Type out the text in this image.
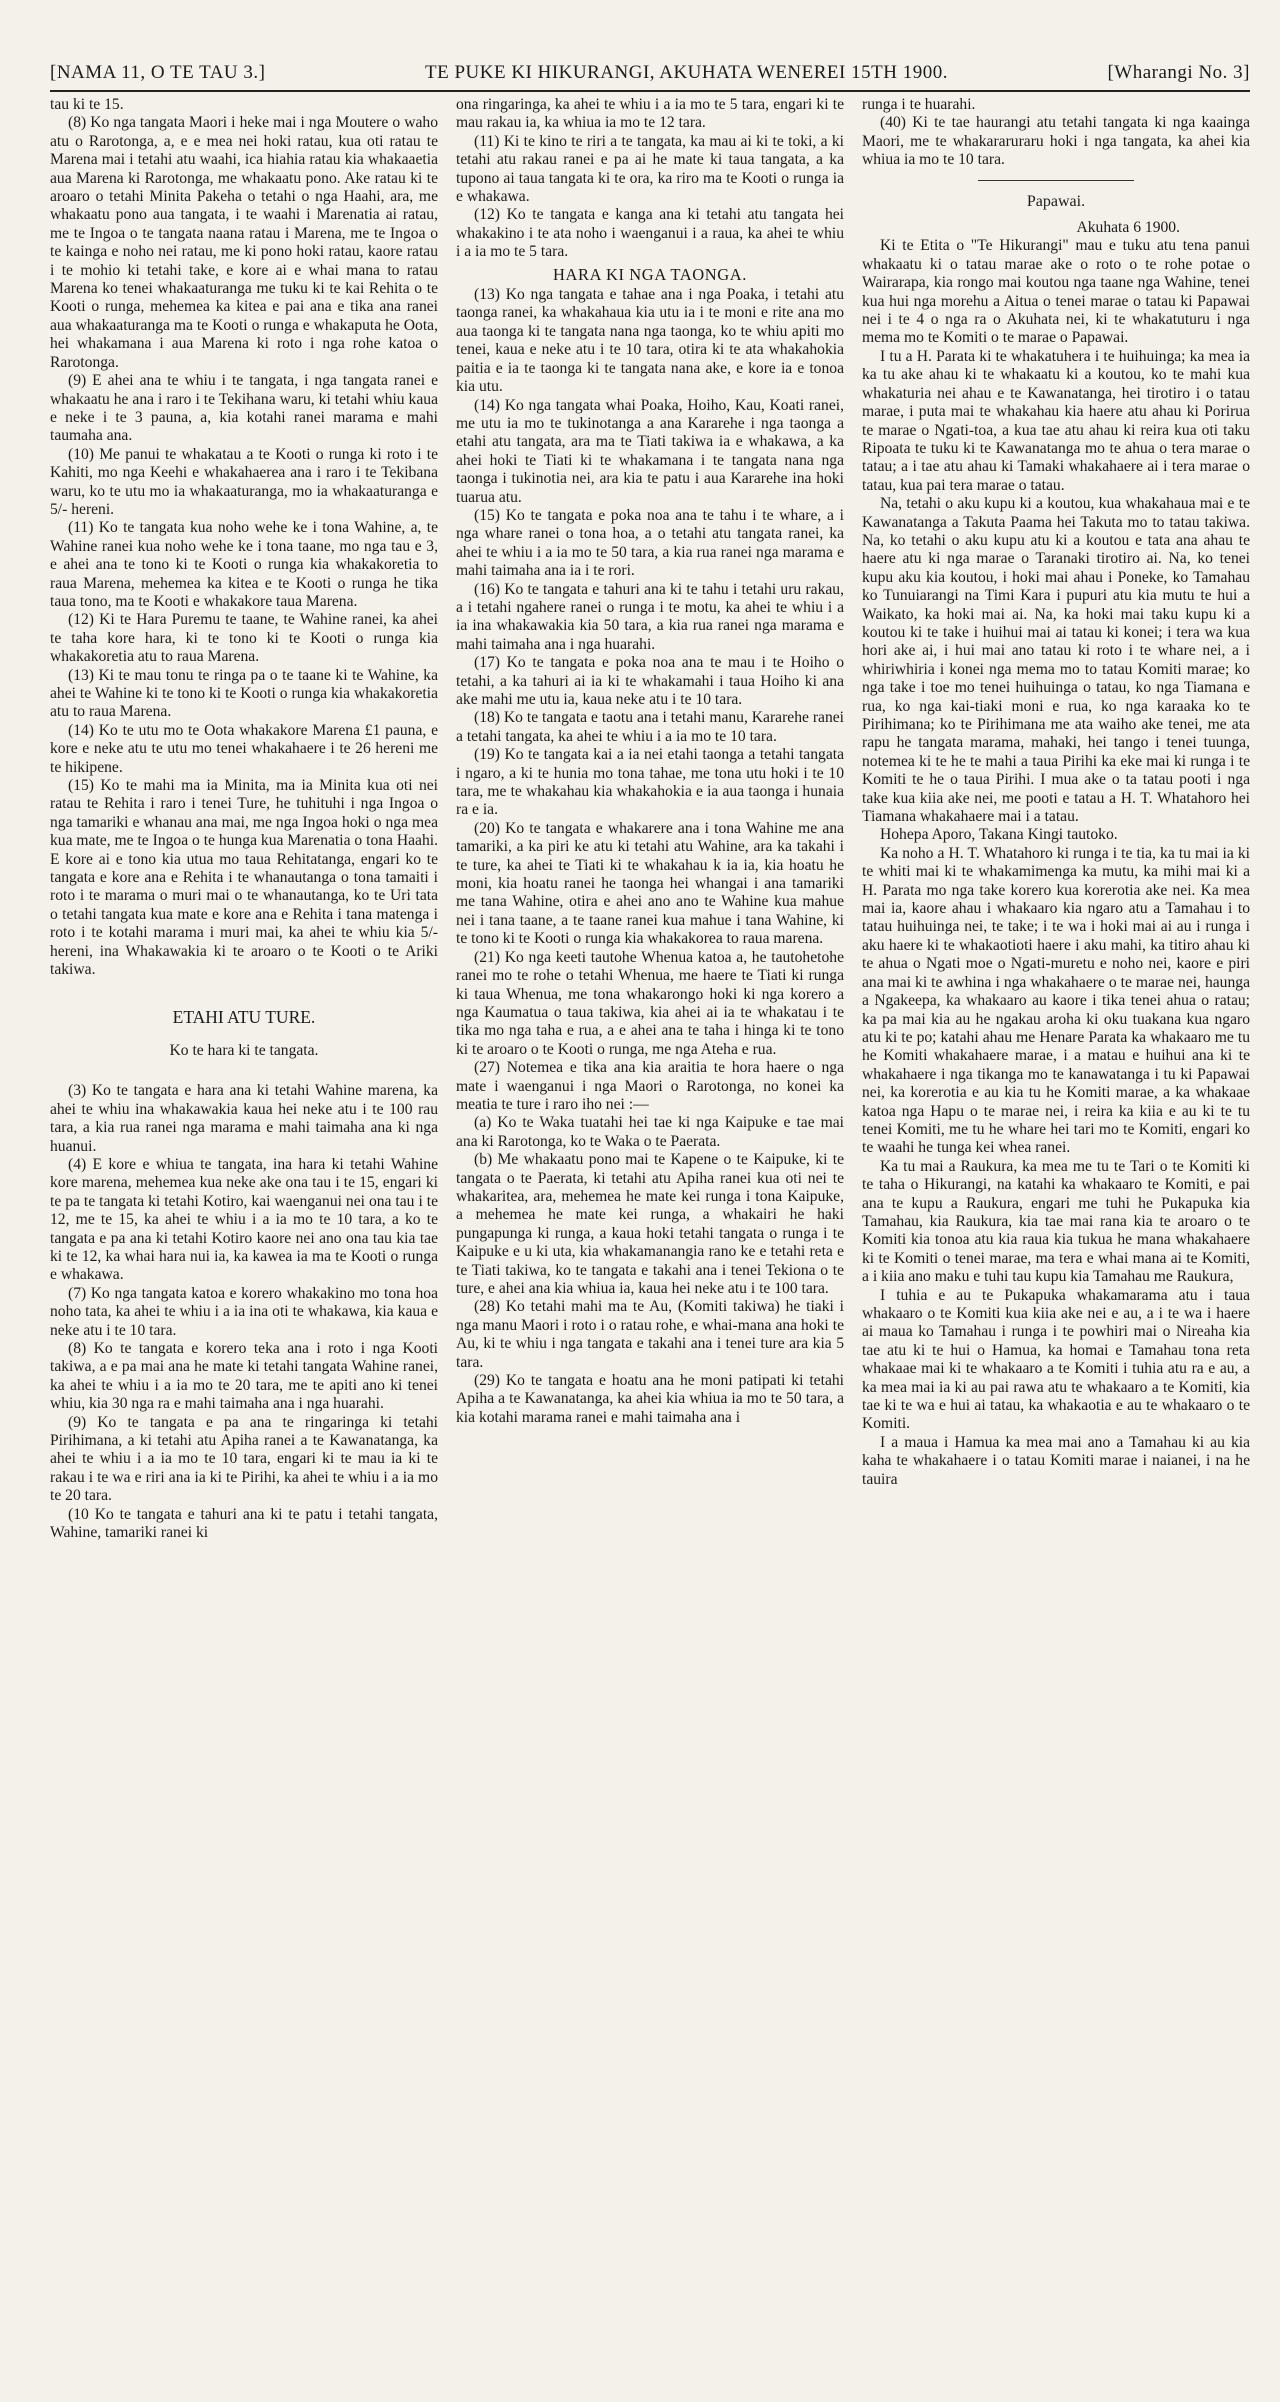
[NAMA 11, O TE TAU 3.]	TE PUKE KI HIKURANGI, AKUHATA WENEREI 15TH 1900.	[Wharangi No. 3]

tau ki te 15.

(8) Ko nga tangata Maori i heke mai i nga Moutere o waho atu o Rarotonga, a, e e mea nei hoki ratau, kua oti ratau te Marena mai i tetahi atu waahi, ica hiahia ratau kia whakaaetia aua Marena ki Rarotonga, me whakaatu pono. Ake ratau ki te aroaro o tetahi Minita Pakeha o tetahi o nga Haahi, ara, me whakaatu pono aua tangata, i te waahi i Marenatia ai ratau, me te Ingoa o te tangata naana ratau i Marena, me te Ingoa o te kainga e noho nei ratau, me ki pono hoki ratau, kaore ratau i te mohio ki tetahi take, e kore ai e whai mana to ratau Marena ko tenei whakaaturanga me tuku ki te kai Rehita o te Kooti o runga, mehemea ka kitea e pai ana e tika ana ranei aua whakaaturanga ma te Kooti o runga e whakaputa he Oota, hei whakamana i aua Marena ki roto i nga rohe katoa o Rarotonga.

(9) E ahei ana te whiu i te tangata, i nga tangata ranei e whakaatu he ana i raro i te Tekihana waru, ki tetahi whiu kaua e neke i te 3 pauna, a, kia kotahi ranei marama e mahi taumaha ana.

(10) Me panui te whakatau a te Kooti o runga ki roto i te Kahiti, mo nga Keehi e whakahaerea ana i raro i te Tekibana waru, ko te utu mo ia whakaaturanga, mo ia whakaaturanga e 5/- hereni.

(11) Ko te tangata kua noho wehe ke i tona Wahine, a, te Wahine ranei kua noho wehe ke i tona taane, mo nga tau e 3, e ahei ana te tono ki te Kooti o runga kia whakakoretia to raua Marena, mehemea ka kitea e te Kooti o runga he tika taua tono, ma te Kooti e whakakore taua Marena.

(12) Ki te Hara Puremu te taane, te Wahine ranei, ka ahei te taha kore hara, ki te tono ki te Kooti o runga kia whakakoretia atu to raua Marena.

(13) Ki te mau tonu te ringa pa o te taane ki te Wahine, ka ahei te Wahine ki te tono ki te Kooti o runga kia whakakoretia atu to raua Marena.

(14) Ko te utu mo te Oota whakakore Marena £1 pauna, e kore e neke atu te utu mo tenei whakahaere i te 26 hereni me te hikipene.

(15) Ko te mahi ma ia Minita, ma ia Minita kua oti nei ratau te Rehita i raro i tenei Ture, he tuhituhi i nga Ingoa o nga tamariki e whanau ana mai, me nga Ingoa hoki o nga mea kua mate, me te Ingoa o te hunga kua Marenatia o tona Haahi. E kore ai e tono kia utua mo taua Rehitatanga, engari ko te tangata e kore ana e Rehita i te whanautanga o tona tamaiti i roto i te marama o muri mai o te whanautanga, ko te Uri tata o tetahi tangata kua mate e kore ana e Rehita i tana matenga i roto i te kotahi marama i muri mai, ka ahei te whiu kia 5/- hereni, ina Whakawakia ki te aroaro o te Kooti o te Ariki takiwa.

ETAHI ATU TURE.

Ko te hara ki te tangata.

(3) Ko te tangata e hara ana ki tetahi Wahine marena, ka ahei te whiu ina whakawakia kaua hei neke atu i te 100 rau tara, a kia rua ranei nga marama e mahi taimaha ana ki nga huanui.

(4) E kore e whiua te tangata, ina hara ki tetahi Wahine kore marena, mehemea kua neke ake ona tau i te 15, engari ki te pa te tangata ki tetahi Kotiro, kai waenganui nei ona tau i te 12, me te 15, ka ahei te whiu i a ia mo te 10 tara, a ko te tangata e pa ana ki tetahi Kotiro kaore nei ano ona tau kia tae ki te 12, ka whai hara nui ia, ka kawea ia ma te Kooti o runga e whakawa.

(7) Ko nga tangata katoa e korero whakakino mo tona hoa noho tata, ka ahei te whiu i a ia ina oti te whakawa, kia kaua e neke atu i te 10 tara.

(8) Ko te tangata e korero teka ana i roto i nga Kooti takiwa, a e pa mai ana he mate ki tetahi tangata Wahine ranei, ka ahei te whiu i a ia mo te 20 tara, me te apiti ano ki tenei whiu, kia 30 nga ra e mahi taimaha ana i nga huarahi.

(9) Ko te tangata e pa ana te ringaringa ki tetahi Pirihimana, a ki tetahi atu Apiha ranei a te Kawanatanga, ka ahei te whiu i a ia mo te 10 tara, engari ki te mau ia ki te rakau i te wa e riri ana ia ki te Pirihi, ka ahei te whiu i a ia mo te 20 tara.

(10 Ko te tangata e tahuri ana ki te patu i tetahi tangata, Wahine, tamariki ranei ki

ona ringaringa, ka ahei te whiu i a ia mo te 5 tara, engari ki te mau rakau ia, ka whiua ia mo te 12 tara.

(11) Ki te kino te riri a te tangata, ka mau ai ki te toki, a ki tetahi atu rakau ranei e pa ai he mate ki taua tangata, a ka tupono ai taua tangata ki te ora, ka riro ma te Kooti o runga ia e whakawa.

(12) Ko te tangata e kanga ana ki tetahi atu tangata hei whakakino i te ata noho i waenganui i a raua, ka ahei te whiu i a ia mo te 5 tara.

HARA KI NGA TAONGA.

(13) Ko nga tangata e tahae ana i nga Poaka, i tetahi atu taonga ranei, ka whakahaua kia utu ia i te moni e rite ana mo aua taonga ki te tangata nana nga taonga, ko te whiu apiti mo tenei, kaua e neke atu i te 10 tara, otira ki te ata whakahokia paitia e ia te taonga ki te tangata nana ake, e kore ia e tonoa kia utu.

(14) Ko nga tangata whai Poaka, Hoiho, Kau, Koati ranei, me utu ia mo te tukinotanga a ana Kararehe i nga taonga a etahi atu tangata, ara ma te Tiati takiwa ia e whakawa, a ka ahei hoki te Tiati ki te whakamana i te tangata nana nga taonga i tukinotia nei, ara kia te patu i aua Kararehe ina hoki tuarua atu.

(15) Ko te tangata e poka noa ana te tahu i te whare, a i nga whare ranei o tona hoa, a o tetahi atu tangata ranei, ka ahei te whiu i a ia mo te 50 tara, a kia rua ranei nga marama e mahi taimaha ana ia i te rori.

(16) Ko te tangata e tahuri ana ki te tahu i tetahi uru rakau, a i tetahi ngahere ranei o runga i te motu, ka ahei te whiu i a ia ina whakawakia kia 50 tara, a kia rua ranei nga marama e mahi taimaha ana i nga huarahi.

(17) Ko te tangata e poka noa ana te mau i te Hoiho o tetahi, a ka tahuri ai ia ki te whakamahi i taua Hoiho ki ana ake mahi me utu ia, kaua neke atu i te 10 tara.

(18) Ko te tangata e taotu ana i tetahi manu, Kararehe ranei a tetahi tangata, ka ahei te whiu i a ia mo te 10 tara.

(19) Ko te tangata kai a ia nei etahi taonga a tetahi tangata i ngaro, a ki te hunia mo tona tahae, me tona utu hoki i te 10 tara, me te whakahau kia whakahokia e ia aua taonga i hunaia ra e ia.

(20) Ko te tangata e whakarere ana i tona Wahine me ana tamariki, a ka piri ke atu ki tetahi atu Wahine, ara ka takahi i te ture, ka ahei te Tiati ki te whakahau k ia ia, kia hoatu he moni, kia hoatu ranei he taonga hei whangai i ana tamariki me tana Wahine, otira e ahei ano ano te Wahine kua mahue nei i tana taane, a te taane ranei kua mahue i tana Wahine, ki te tono ki te Kooti o runga kia whakakorea to raua marena.

(21) Ko nga keeti tautohe Whenua katoa a, he tautohetohe ranei mo te rohe o tetahi Whenua, me haere te Tiati ki runga ki taua Whenua, me tona whakarongo hoki ki nga korero a nga Kaumatua o taua takiwa, kia ahei ai ia te whakatau i te tika mo nga taha e rua, a e ahei ana te taha i hinga ki te tono ki te aroaro o te Kooti o runga, me nga Ateha e rua.

(27) Notemea e tika ana kia araitia te hora haere o nga mate i waenganui i nga Maori o Rarotonga, no konei ka meatia te ture i raro iho nei :—

(a) Ko te Waka tuatahi hei tae ki nga Kaipuke e tae mai ana ki Rarotonga, ko te Waka o te Paerata.

(b) Me whakaatu pono mai te Kapene o te Kaipuke, ki te tangata o te Paerata, ki tetahi atu Apiha ranei kua oti nei te whakaritea, ara, mehemea he mate kei runga i tona Kaipuke, a mehemea he mate kei runga, a whakairi he haki pungapunga ki runga, a kaua hoki tetahi tangata o runga i te Kaipuke e u ki uta, kia whakamanangia rano ke e tetahi reta e te Tiati takiwa, ko te tangata e takahi ana i tenei Tekiona o te ture, e ahei ana kia whiua ia, kaua hei neke atu i te 100 tara.

(28) Ko tetahi mahi ma te Au, (Komiti takiwa) he tiaki i nga manu Maori i roto i o ratau rohe, e whai-mana ana hoki te Au, ki te whiu i nga tangata e takahi ana i tenei ture ara kia 5 tara.

(29) Ko te tangata e hoatu ana he moni patipati ki tetahi Apiha a te Kawanatanga, ka ahei kia whiua ia mo te 50 tara, a kia kotahi marama ranei e mahi taimaha ana i

runga i te huarahi.

(40) Ki te tae haurangi atu tetahi tangata ki nga kaainga Maori, me te whakararuraru hoki i nga tangata, ka ahei kia whiua ia mo te 10 tara.

Papawai.

Akuhata 6 1900.

Ki te Etita o "Te Hikurangi" mau e tuku atu tena panui whakaatu ki o tatau marae ake o roto o te rohe potae o Wairarapa, kia rongo mai koutou nga taane nga Wahine, tenei kua hui nga morehu a Aitua o tenei marae o tatau ki Papawai nei i te 4 o nga ra o Akuhata nei, ki te whakatuturu i nga mema mo te Komiti o te marae o Papawai.

I tu a H. Parata ki te whakatuhera i te huihuinga; ka mea ia ka tu ake ahau ki te whakaatu ki a koutou, ko te mahi kua whakaturia nei ahau e te Kawanatanga, hei tirotiro i o tatau marae, i puta mai te whakahau kia haere atu ahau ki Porirua te marae o Ngati-toa, a kua tae atu ahau ki reira kua oti taku Ripoata te tuku ki te Kawanatanga mo te ahua o tera marae o tatau; a i tae atu ahau ki Tamaki whakahaere ai i tera marae o tatau, kua pai tera marae o tatau.

Na, tetahi o aku kupu ki a koutou, kua whakahaua mai e te Kawanatanga a Takuta Paama hei Takuta mo to tatau takiwa. Na, ko tetahi o aku kupu atu ki a koutou e tata ana ahau te haere atu ki nga marae o Taranaki tirotiro ai. Na, ko tenei kupu aku kia koutou, i hoki mai ahau i Poneke, ko Tamahau ko Tunuiarangi na Timi Kara i pupuri atu kia mutu te hui a Waikato, ka hoki mai ai. Na, ka hoki mai taku kupu ki a koutou ki te take i huihui mai ai tatau ki konei; i tera wa kua hori ake ai, i hui mai ano tatau ki roto i te whare nei, a i whiriwhiria i konei nga mema mo to tatau Komiti marae; ko nga take i toe mo tenei huihuinga o tatau, ko nga Tiamana e rua, ko nga kai-tiaki moni e rua, ko nga karaaka ko te Pirihimana; ko te Pirihimana me ata waiho ake tenei, me ata rapu he tangata marama, mahaki, hei tango i tenei tuunga, notemea ki te he te mahi a taua Pirihi ka eke mai ki runga i te Komiti te he o taua Pirihi. I mua ake o ta tatau pooti i nga take kua kiia ake nei, me pooti e tatau a H. T. Whatahoro hei Tiamana whakahaere mai i a tatau.

Hohepa Aporo, Takana Kingi tautoko.

Ka noho a H. T. Whatahoro ki runga i te tia, ka tu mai ia ki te whiti mai ki te whakamimenga ka mutu, ka mihi mai ki a H. Parata mo nga take korero kua korerotia ake nei. Ka mea mai ia, kaore ahau i whakaaro kia ngaro atu a Tamahau i to tatau huihuinga nei, te take; i te wa i hoki mai ai au i runga i aku haere ki te whakaotioti haere i aku mahi, ka titiro ahau ki te ahua o Ngati moe o Ngati-muretu e noho nei, kaore e piri ana mai ki te awhina i nga whakahaere o te marae nei, haunga a Ngakeepa, ka whakaaro au kaore i tika tenei ahua o ratau; ka pa mai kia au he ngakau aroha ki oku tuakana kua ngaro atu ki te po; katahi ahau me Henare Parata ka whakaaro me tu he Komiti whakahaere marae, i a matau e huihui ana ki te whakahaere i nga tikanga mo te kanawatanga i tu ki Papawai nei, ka korerotia e au kia tu he Komiti marae, a ka whakaae katoa nga Hapu o te marae nei, i reira ka kiia e au ki te tu tenei Komiti, me tu he whare hei tari mo te Komiti, engari ko te waahi he tunga kei whea ranei.

Ka tu mai a Raukura, ka mea me tu te Tari o te Komiti ki te taha o Hikurangi, na katahi ka whakaaro te Komiti, e pai ana te kupu a Raukura, engari me tuhi he Pukapuka kia Tamahau, kia Raukura, kia tae mai rana kia te aroaro o te Komiti kia tonoa atu kia raua kia tukua he mana whakahaere ki te Komiti o tenei marae, ma tera e whai mana ai te Komiti, a i kiia ano maku e tuhi tau kupu kia Tamahau me Raukura,

I tuhia e au te Pukapuka whakamarama atu i taua whakaaro o te Komiti kua kiia ake nei e au, a i te wa i haere ai maua ko Tamahau i runga i te powhiri mai o Nireaha kia tae atu ki te hui o Hamua, ka homai e Tamahau tona reta whakaae mai ki te whakaaro a te Komiti i tuhia atu ra e au, a ka mea mai ia ki au pai rawa atu te whakaaro a te Komiti, kia tae ki te wa e hui ai tatau, ka whakaotia e au te whakaaro o te Komiti.

I a maua i Hamua ka mea mai ano a Tamahau ki au kia kaha te whakahaere i o tatau Komiti marae i naianei, i na he tauira
